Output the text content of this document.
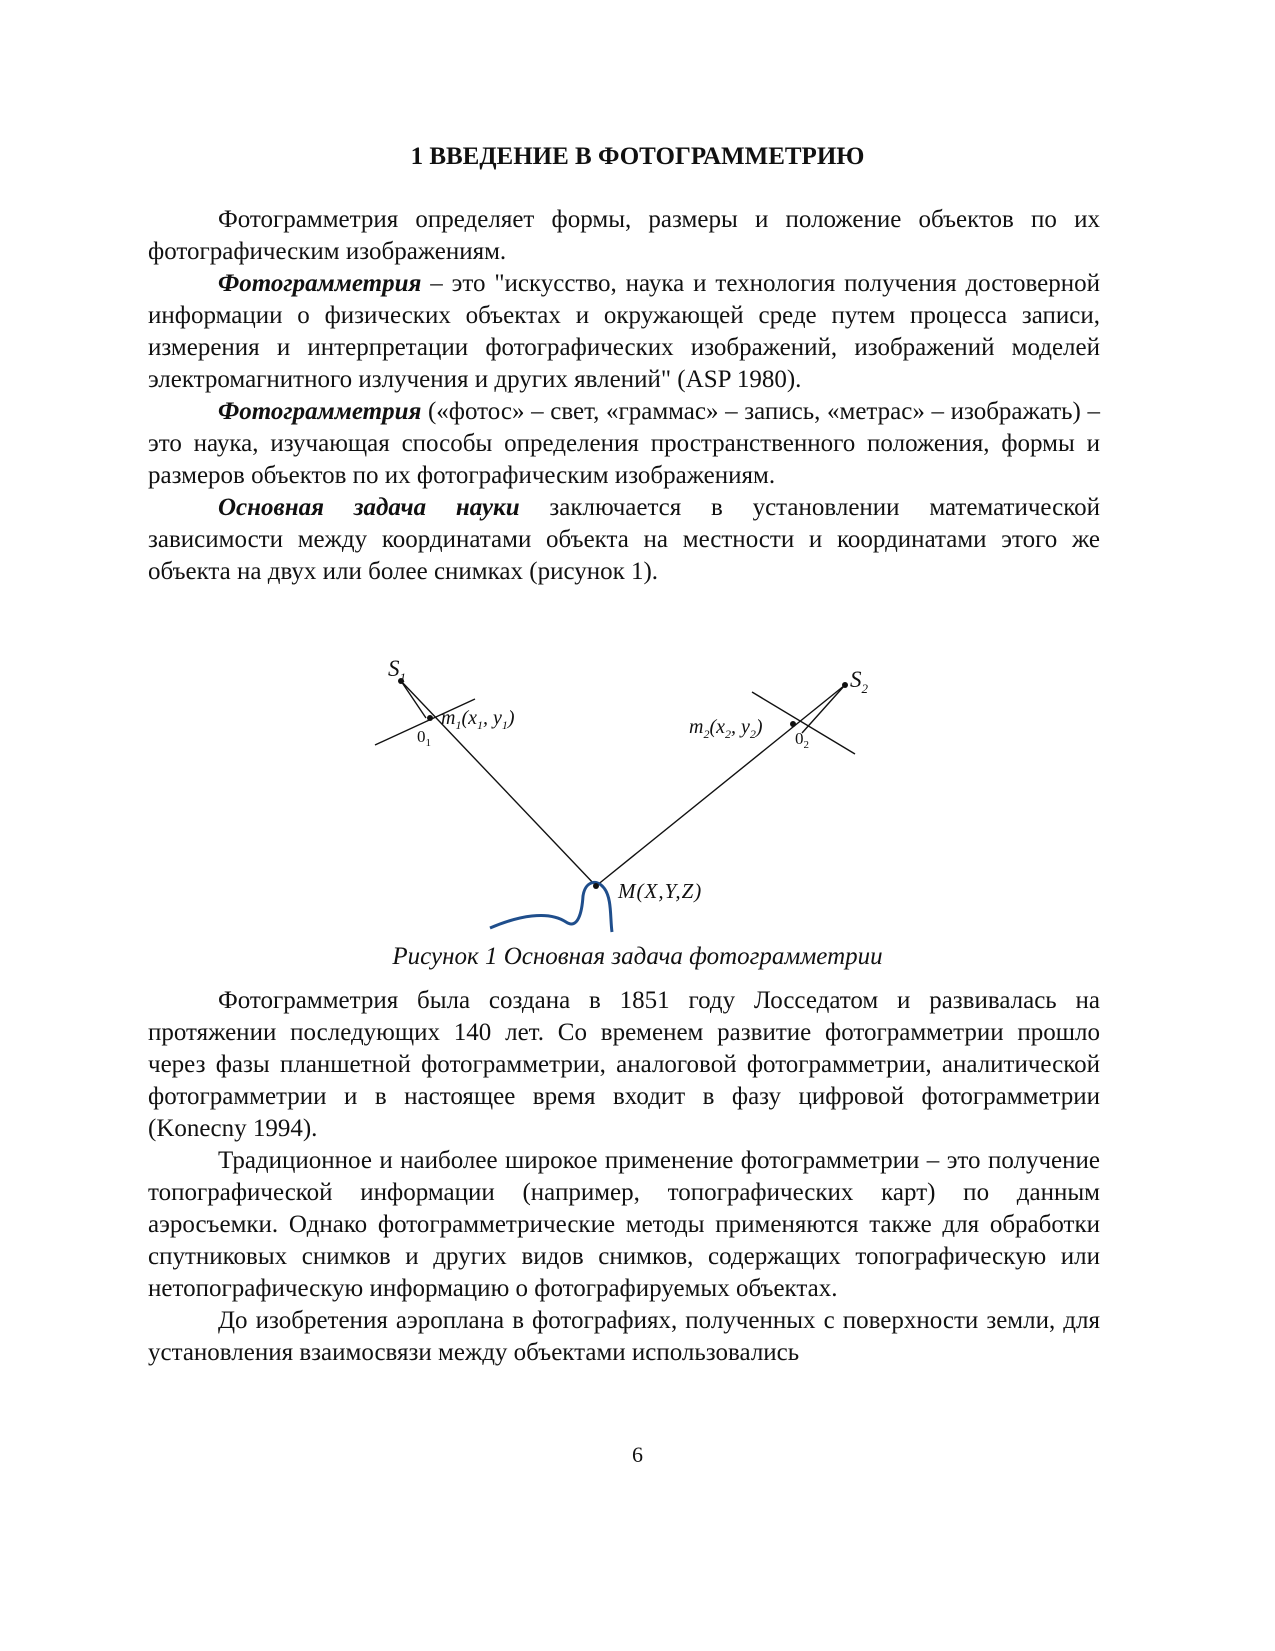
1 ВВЕДЕНИЕ В ФОТОГРАММЕТРИЮ

Фотограмметрия определяет формы, размеры и положение объектов по их фотографическим изображениям.

Фотограмметрия – это "искусство, наука и технология получения достоверной информации о физических объектах и окружающей среде путем процесса записи, измерения и интерпретации фотографических изображений, изображений моделей электромагнитного излучения и других явлений" (ASP 1980).

Фотограмметрия («фотос» – свет, «граммас» – запись, «метрас» – изображать) – это наука, изучающая способы определения пространственного положения, формы и размеров объектов по их фотографическим изображениям.

Основная задача науки заключается в установлении математической зависимости между координатами объекта на местности и координатами этого же объекта на двух или более снимках (рисунок 1).

$S_1$	$S_2$
$m_1(x_1$, $y_1$)	$m_2(x_2$, $y_2$)
M(X,Y,Z)
$0_1$	$0_2$
Рисунок 1 Основная задача фотограмметрии

Фотограмметрия была создана в 1851 году Лосседатом и развивалась на протяжении последующих 140 лет. Со временем развитие фотограмметрии прошло через фазы планшетной фотограмметрии, аналоговой фотограмметрии, аналитической фотограмметрии и в настоящее время входит в фазу цифровой фотограмметрии (Konecny 1994).

Традиционное и наиболее широкое применение фотограмметрии – это получение топографической информации (например, топографических карт) по данным аэросъемки. Однако фотограмметрические методы применяются также для обработки спутниковых снимков и других видов снимков, содержащих топографическую или нетопографическую информацию о фотографируемых объектах.

До изобретения аэроплана в фотографиях, полученных с поверхности земли, для установления взаимосвязи между объектами использовались

6
